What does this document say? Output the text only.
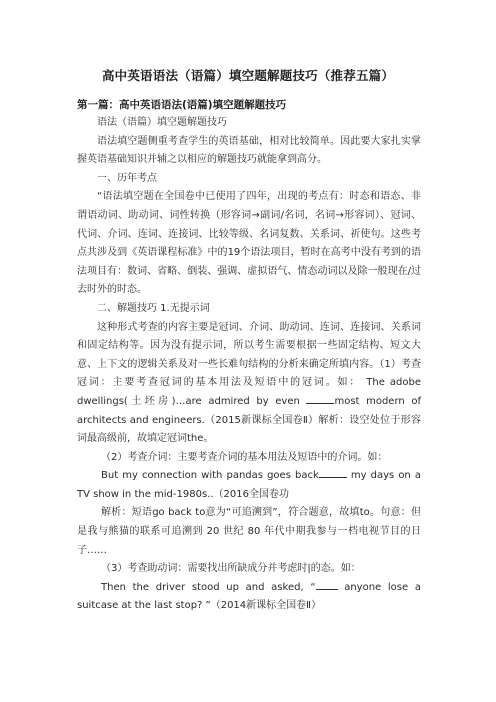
高中英语语法（语篇）填空题解题技巧（推荐五篇）
第一篇：高中英语语法(语篇)填空题解题技巧

语法（语篇）填空题解题技巧

语法填空题侧重考查学生的英语基础，相对比较简单。因此要大家扎实掌握英语基础知识并辅之以相应的解题技巧就能拿到高分。

一、历年考点

“语法填空题在全国卷中已使用了四年，出现的考点有：时态和语态、非谓语动词、助动词、词性转换（形容词→副词/名词，名词→形容词）、冠词、代词、介词、连词、连接词、比较等级、名词复数、关系词、祈使句。这些考点共涉及到《英语课程标准》中的19个语法项目，暂时在高考中没有考到的语法项目有：数词、省略、倒装、强调、虚拟语气、情态动词以及除一般现在/过去时外的时态。

二、解题技巧 1.无提示词

这种形式考查的内容主要是冠词、介词、助动词、连词、连接词、关系词和固定结构等。因为没有提示词，所以考生需要根据一些固定结构、短文大意、上下文的逻辑关系及对一些长难句结构的分析来确定所填内容。（1）考查冠词：主要考查冠词的基本用法及短语中的冠词。如： The adobe dwellings(土坯房)…are admired by even	most modern of architects and engineers.（2015新课标全国卷Ⅱ）解析：设空处位于形容词最高级前，故填定冠词the。

（2）考查介词：主要考查介词的基本用法及短语中的介词。如：

But my connection with pandas goes back	my days on a TV show in the mid-1980s..（2016全国卷功

解析：短语go back to意为“可追溯到”，符合题意，故填to。句意：但是我与熊猫的联系可追溯到 20 世纪 80 年代中期我参与一档电视节目的日子……

（3）考查助动词：需要找出所缺成分并考虑时|的态。如：

Then the driver stood up and asked, “ anyone lose a suitcase at the last stop? ”（2014新课标全国卷Ⅱ）
